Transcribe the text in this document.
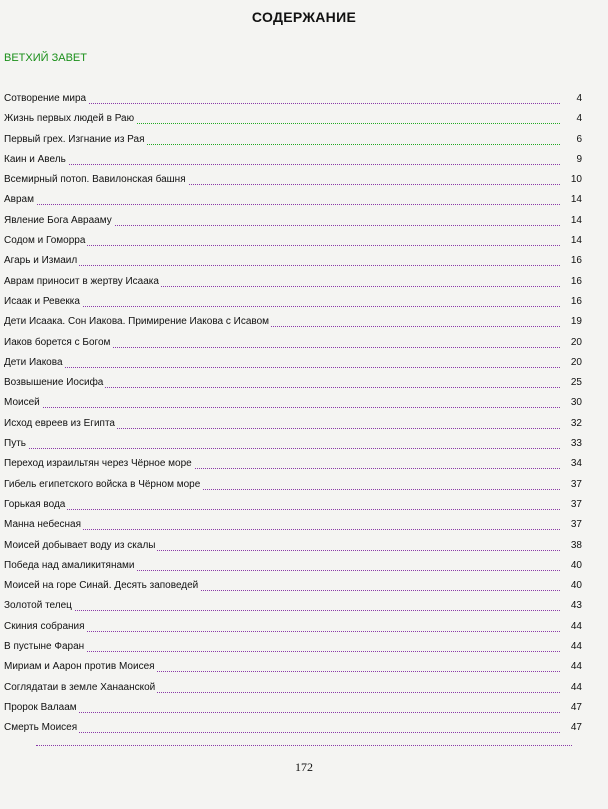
СОДЕРЖАНИЕ
ВЕТХИЙ ЗАВЕТ
Сотворение мира	4
Жизнь первых людей в Раю	4
Первый грех. Изгнание из Рая	6
Каин и Авель	9
Всемирный потоп. Вавилонская башня	10
Аврам	14
Явление Бога Аврааму	14
Содом и Гоморра	14
Агарь и Измаил	16
Аврам приносит в жертву Исаака	16
Исаак и Ревекка	16
Дети Исаака. Сон Иакова. Примирение Иакова с Исавом	19
Иаков борется с Богом	20
Дети Иакова	20
Возвышение Иосифа	25
Моисей	30
Исход евреев из Египта	32
Путь	33
Переход израильтян через Чёрное море	34
Гибель египетского войска в Чёрном море	37
Горькая вода	37
Манна небесная	37
Моисей добывает воду из скалы	38
Победа над амаликитянами	40
Моисей на горе Синай. Десять заповедей	40
Золотой телец	43
Скиния собрания	44
В пустыне Фаран	44
Мириам и Аарон против Моисея	44
Соглядатаи в земле Ханаанской	44
Пророк Валаам	47
Смерть Моисея	47
172
